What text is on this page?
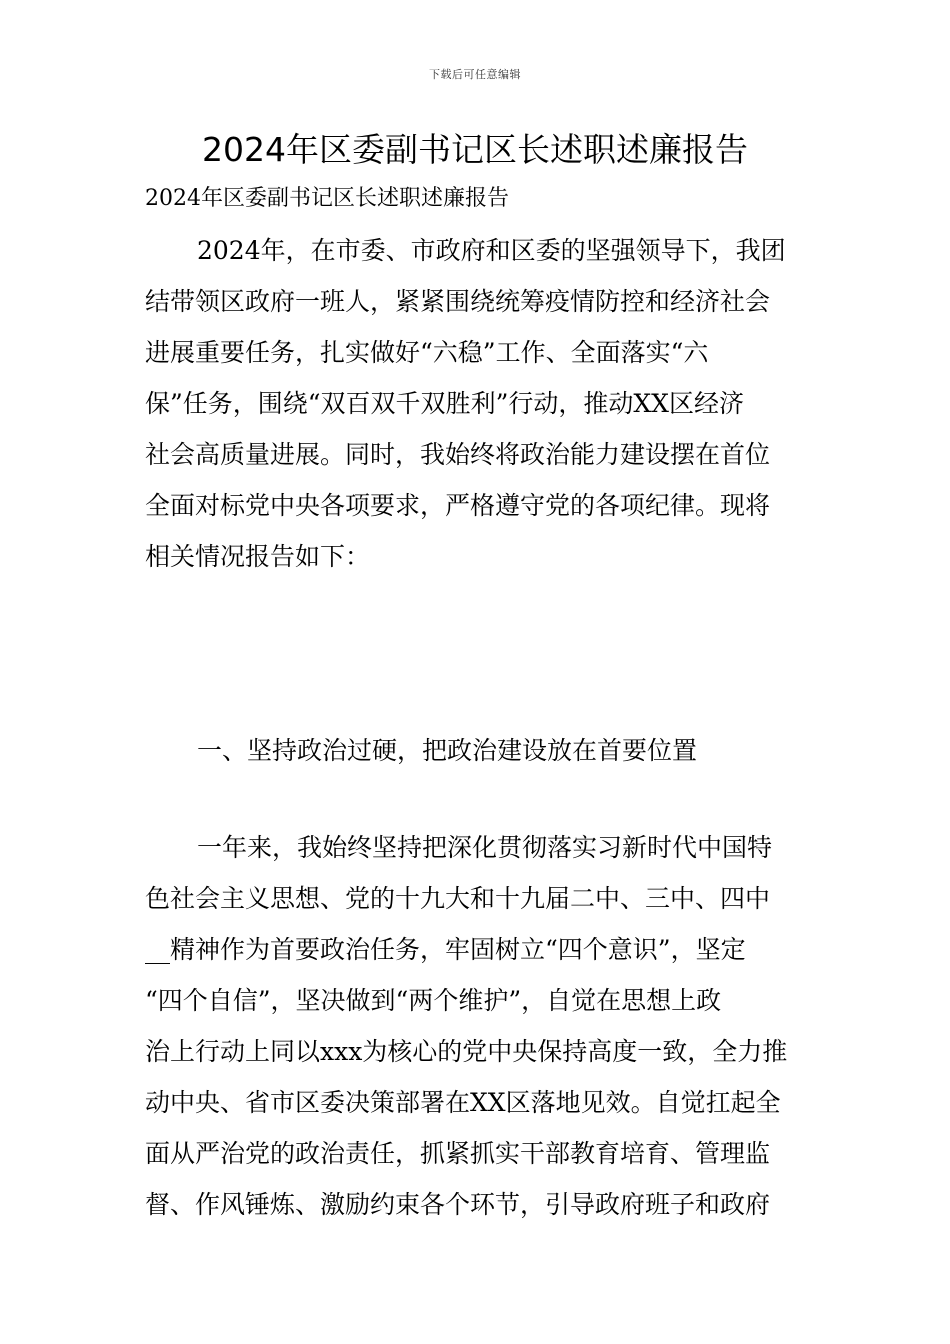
下载后可任意编辑
2024年区委副书记区长述职述廉报告
2024年区委副书记区长述职述廉报告
2024年，在市委、市政府和区委的坚强领导下，我团
结带领区政府一班人，紧紧围绕统筹疫情防控和经济社会
进展重要任务，扎实做好“六稳”工作、全面落实“六
保”任务，围绕“双百双千双胜利”行动，推动XX区经济
社会高质量进展。同时，我始终将政治能力建设摆在首位
全面对标党中央各项要求，严格遵守党的各项纪律。现将
相关情况报告如下：
一、坚持政治过硬，把政治建设放在首要位置
一年来，我始终坚持把深化贯彻落实习新时代中国特
色社会主义思想、党的十九大和十九届二中、三中、四中
__精神作为首要政治任务，牢固树立“四个意识”，坚定
“四个自信”，坚决做到“两个维护”，自觉在思想上政
治上行动上同以xxx为核心的党中央保持高度一致，全力推
动中央、省市区委决策部署在XX区落地见效。自觉扛起全
面从严治党的政治责任，抓紧抓实干部教育培育、管理监
督、作风锤炼、激励约束各个环节，引导政府班子和政府
